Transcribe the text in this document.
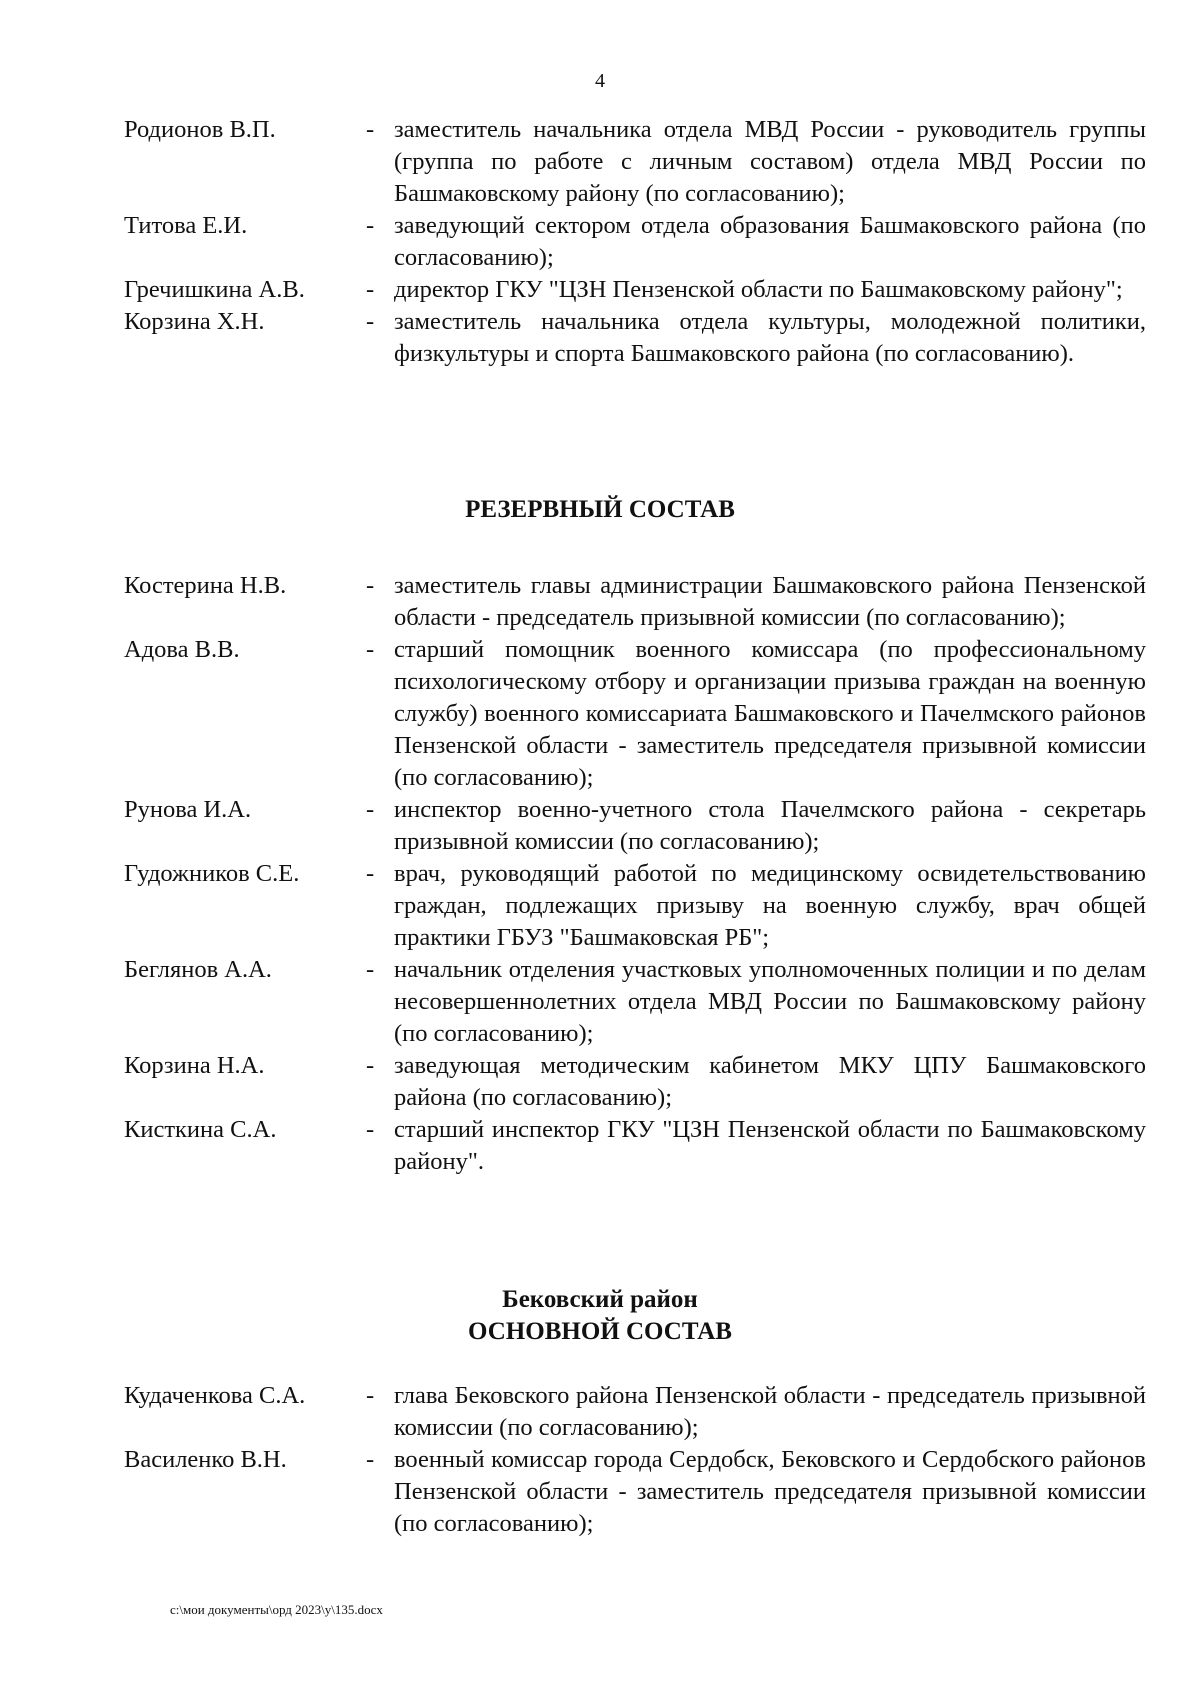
4
Родионов В.П.	- заместитель начальника отдела МВД России - руководитель группы (группа по работе с личным составом) отдела МВД России по Башмаковскому району (по согласованию);
Титова Е.И.	- заведующий сектором отдела образования Башмаковского района (по согласованию);
Гречишкина А.В. - директор ГКУ "ЦЗН Пензенской области по Башмаковскому району";
Корзина Х.Н.	- заместитель начальника отдела культуры, молодежной политики, физкультуры и спорта Башмаковского района (по согласованию).
РЕЗЕРВНЫЙ СОСТАВ
Костерина Н.В.	- заместитель главы администрации Башмаковского района Пензенской области - председатель призывной комиссии (по согласованию);
Адова В.В.	- старший помощник военного комиссара (по профессиональному психологическому отбору и организации призыва граждан на военную службу) военного комиссариата Башмаковского и Пачелмского районов Пензенской области - заместитель председателя призывной комиссии (по согласованию);
Рунова И.А.	- инспектор военно-учетного стола Пачелмского района - секретарь призывной комиссии (по согласованию);
Гудожников С.Е.	- врач, руководящий работой по медицинскому освидетельствованию граждан, подлежащих призыву на военную службу, врач общей практики ГБУЗ "Башмаковская РБ";
Беглянов А.А.	- начальник отделения участковых уполномоченных полиции и по делам несовершеннолетних отдела МВД России по Башмаковскому району (по согласованию);
Корзина Н.А.	- заведующая методическим кабинетом МКУ ЦПУ Башмаковского района (по согласованию);
Кисткина С.А.	- старший инспектор ГКУ "ЦЗН Пензенской области по Башмаковскому району".
Бековский район
ОСНОВНОЙ СОСТАВ
Кудаченкова С.А. - глава Бековского района Пензенской области - председатель призывной комиссии (по согласованию);
Василенко В.Н.	- военный комиссар города Сердобск, Бековского и Сердобского районов Пензенской области - заместитель председателя призывной комиссии (по согласованию);
c:\мои документы\орд 2023\у\135.docx
